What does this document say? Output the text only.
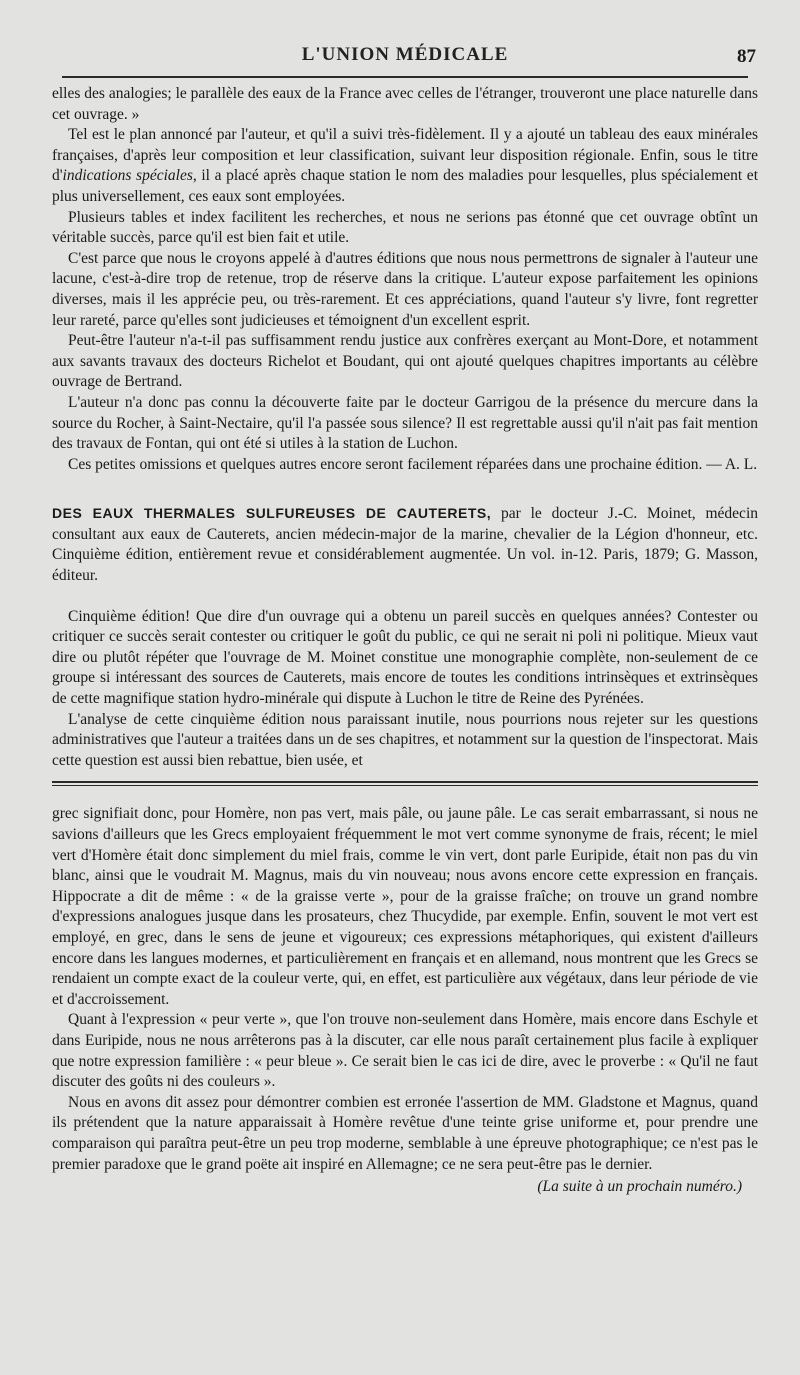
L'UNION MÉDICALE	87

elles des analogies; le parallèle des eaux de la France avec celles de l'étranger, trouveront une place naturelle dans cet ouvrage. »

Tel est le plan annoncé par l'auteur, et qu'il a suivi très-fidèlement. Il y a ajouté un tableau des eaux minérales françaises, d'après leur composition et leur classification, suivant leur disposition régionale. Enfin, sous le titre d'indications spéciales, il a placé après chaque station le nom des maladies pour lesquelles, plus spécialement et plus universellement, ces eaux sont employées.

Plusieurs tables et index facilitent les recherches, et nous ne serions pas étonné que cet ouvrage obtînt un véritable succès, parce qu'il est bien fait et utile.

C'est parce que nous le croyons appelé à d'autres éditions que nous nous permettrons de signaler à l'auteur une lacune, c'est-à-dire trop de retenue, trop de réserve dans la critique. L'auteur expose parfaitement les opinions diverses, mais il les apprécie peu, ou très-rarement. Et ces appréciations, quand l'auteur s'y livre, font regretter leur rareté, parce qu'elles sont judicieuses et témoignent d'un excellent esprit.

Peut-être l'auteur n'a-t-il pas suffisamment rendu justice aux confrères exerçant au Mont-Dore, et notamment aux savants travaux des docteurs Richelot et Boudant, qui ont ajouté quelques chapitres importants au célèbre ouvrage de Bertrand.

L'auteur n'a donc pas connu la découverte faite par le docteur Garrigou de la présence du mercure dans la source du Rocher, à Saint-Nectaire, qu'il l'a passée sous silence? Il est regrettable aussi qu'il n'ait pas fait mention des travaux de Fontan, qui ont été si utiles à la station de Luchon.

Ces petites omissions et quelques autres encore seront facilement réparées dans une prochaine édition. — A. L.

DES EAUX THERMALES SULFUREUSES DE CAUTERETS, par le docteur J.-C. Moinet, médecin consultant aux eaux de Cauterets, ancien médecin-major de la marine, chevalier de la Légion d'honneur, etc. Cinquième édition, entièrement revue et considérablement augmentée. Un vol. in-12. Paris, 1879; G. Masson, éditeur.

Cinquième édition! Que dire d'un ouvrage qui a obtenu un pareil succès en quelques années? Contester ou critiquer ce succès serait contester ou critiquer le goût du public, ce qui ne serait ni poli ni politique. Mieux vaut dire ou plutôt répéter que l'ouvrage de M. Moinet constitue une monographie complète, non-seulement de ce groupe si intéressant des sources de Cauterets, mais encore de toutes les conditions intrinsèques et extrinsèques de cette magnifique station hydro-minérale qui dispute à Luchon le titre de Reine des Pyrénées.

L'analyse de cette cinquième édition nous paraissant inutile, nous pourrions nous rejeter sur les questions administratives que l'auteur a traitées dans un de ses chapitres, et notamment sur la question de l'inspectorat. Mais cette question est aussi bien rebattue, bien usée, et

grec signifiait donc, pour Homère, non pas vert, mais pâle, ou jaune pâle. Le cas serait embarrassant, si nous ne savions d'ailleurs que les Grecs employaient fréquemment le mot vert comme synonyme de frais, récent; le miel vert d'Homère était donc simplement du miel frais, comme le vin vert, dont parle Euripide, était non pas du vin blanc, ainsi que le voudrait M. Magnus, mais du vin nouveau; nous avons encore cette expression en français. Hippocrate a dit de même : « de la graisse verte », pour de la graisse fraîche; on trouve un grand nombre d'expressions analogues jusque dans les prosateurs, chez Thucydide, par exemple. Enfin, souvent le mot vert est employé, en grec, dans le sens de jeune et vigoureux; ces expressions métaphoriques, qui existent d'ailleurs encore dans les langues modernes, et particulièrement en français et en allemand, nous montrent que les Grecs se rendaient un compte exact de la couleur verte, qui, en effet, est particulière aux végétaux, dans leur période de vie et d'accroissement.

Quant à l'expression « peur verte », que l'on trouve non-seulement dans Homère, mais encore dans Eschyle et dans Euripide, nous ne nous arrêterons pas à la discuter, car elle nous paraît certainement plus facile à expliquer que notre expression familière : « peur bleue ». Ce serait bien le cas ici de dire, avec le proverbe : « Qu'il ne faut discuter des goûts ni des couleurs ».

Nous en avons dit assez pour démontrer combien est erronée l'assertion de MM. Gladstone et Magnus, quand ils prétendent que la nature apparaissait à Homère revêtue d'une teinte grise uniforme et, pour prendre une comparaison qui paraîtra peut-être un peu trop moderne, semblable à une épreuve photographique; ce n'est pas le premier paradoxe que le grand poëte ait inspiré en Allemagne; ce ne sera peut-être pas le dernier.

(La suite à un prochain numéro.)
